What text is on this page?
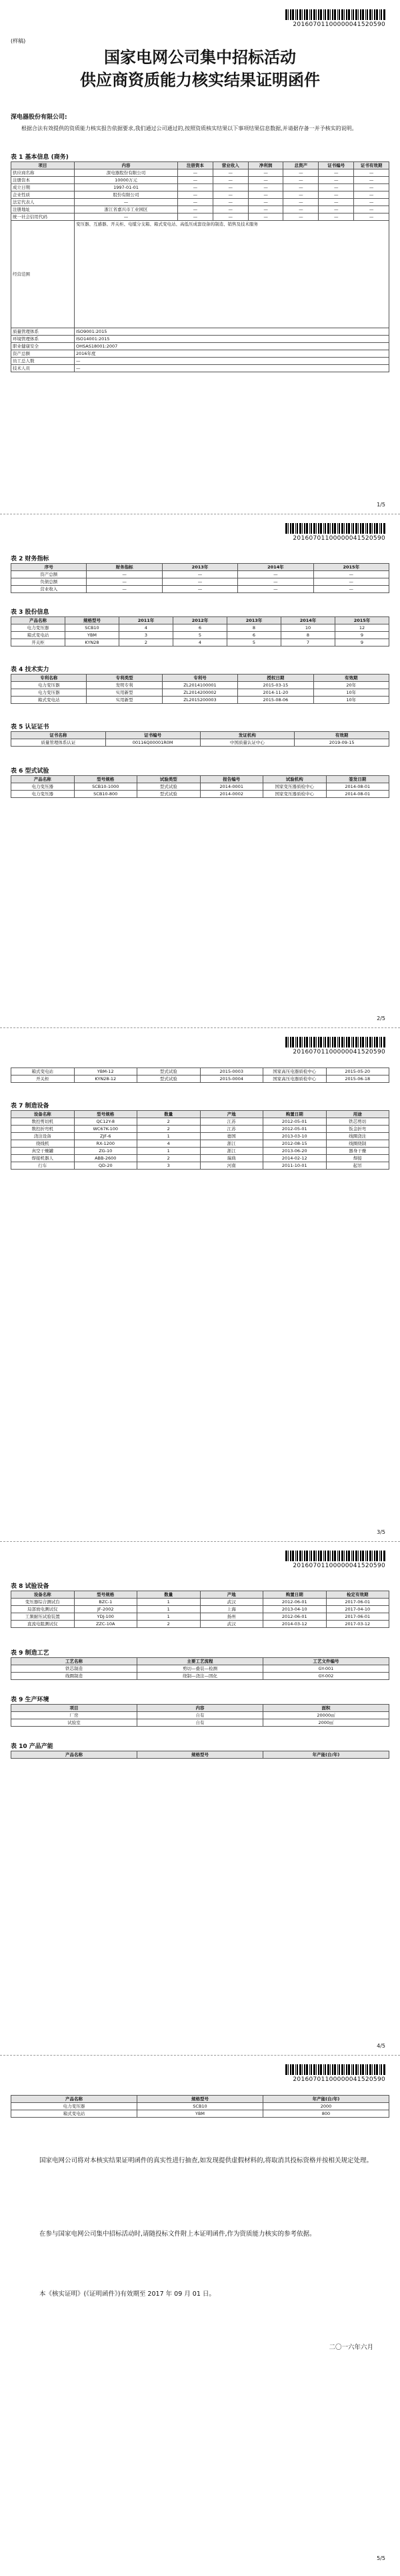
20160701100000041520590
(样稿)
国家电网公司集中招标活动
供应商资质能力核实结果证明函件
深电器股份有限公司:
根据合法有效提供的资质能力核实报告依据要求,我们通过公司通过的,按照资质核实结果以下事项结果信息数据,并请据存备一并予核实的说明。
表 1 基本信息 (商务)
项目	内容	注册资本	营业收入	净利润	总资产	证书编号	证书有效期
供应商名称	深电器股份有限公司	—	—	—	—	—	—
注册资本	10000万元	—	—	—	—	—	—
成立日期	1997-01-01	—	—	—	—	—	—
企业性质	股份有限公司	—	—	—	—	—	—
法定代表人	—	—	—	—	—	—	—
注册地址	浙江省嘉兴市工业园区	—	—	—	—	—	—
统一社会信用代码	—	—	—	—	—	—	—
经营范围	变压器、互感器、开关柜、电缆分支箱、箱式变电站、高低压成套设备的制造、销售及技术服务						
质量管理体系	ISO9001:2015						
环境管理体系	ISO14001:2015						
职业健康安全	OHSAS18001:2007						
资产总额	2016年度						
员工总人数	—						
技术人员	—						
1/5
20160701100000041520590
表 2 财务指标
序号	财务指标	2013年	2014年	2015年
资产总额	—	—	—	—
负债总额	—	—	—	—
营业收入	—	—	—	—
表 3 股份信息
产品名称	规格型号	2011年	2012年	2013年	2014年	2015年
电力变压器	SCB10	4	6	8	10	12
箱式变电站	YBM	3	5	6	8	9
开关柜	KYN28	2	4	5	7	9
表 4 技术实力
专利名称	专利类型	专利号	授权日期	有效期
电力变压器	发明专利	ZL2014100001	2015-03-15	20年
电力变压器	实用新型	ZL2014200002	2014-11-20	10年
箱式变电站	实用新型	ZL2015200003	2015-08-06	10年
表 5 认证证书
证书名称	证书编号	发证机构	有效期
质量管理体系认证	00116Q00001R0M	中国质量认证中心	2019-09-15
表 6 型式试验
产品名称	型号规格	试验类型	报告编号	试验机构	签发日期
电力变压器	SCB10-1000	型式试验	2014-0001	国家变压器质检中心	2014-08-01
电力变压器	SCB10-800	型式试验	2014-0002	国家变压器质检中心	2014-08-01
2/5
20160701100000041520590
箱式变电站	YBM-12	型式试验	2015-0003	国家高压电器质检中心	2015-05-20
开关柜	KYN28-12	型式试验	2015-0004	国家高压电器质检中心	2015-06-18
表 7 制造设备
设备名称	型号规格	数量	产地	购置日期	用途
数控剪切机	QC12Y-8	2	江苏	2012-05-01	铁芯剪切
数控折弯机	WC67K-100	2	江苏	2012-05-01	钣金折弯
浇注设备	ZJF-6	1	德国	2013-03-10	线圈浇注
绕线机	RX-1200	4	浙江	2012-08-15	线圈绕制
真空干燥罐	ZG-10	1	浙江	2013-06-20	器身干燥
焊接机器人	ABB-2600	2	瑞典	2014-02-12	焊接
行车	QD-20	3	河南	2011-10-01	起吊
3/5
20160701100000041520590
表 8 试验设备
设备名称	型号规格	数量	产地	购置日期	检定有效期
变压器综合测试台	BZC-1	1	武汉	2012-06-01	2017-06-01
局部放电测试仪	JF-2002	1	上海	2013-04-10	2017-04-10
工频耐压试验装置	YDJ-100	1	扬州	2012-06-01	2017-06-01
直流电阻测试仪	ZZC-10A	2	武汉	2014-03-12	2017-03-12
表 9 制造工艺
工艺名称	主要工艺流程	工艺文件编号
铁芯制造	剪切—叠装—检测	GY-001
线圈制造	绕制—浇注—固化	GY-002
表 9 生产环境
项目	内容	面积
厂房	自有	20000㎡
试验室	自有	2000㎡
表 10 产品产能
产品名称	规格型号	年产能(台/年)
4/5
20160701100000041520590
产品名称	规格型号	年产能(台/年)
电力变压器	SCB10	2000
箱式变电站	YBM	800
国家电网公司将对本核实结果证明函件的真实性进行抽查,如发现提供虚假材料的,将取消其投标资格并按相关规定处理。
在参与国家电网公司集中招标活动时,请随投标文件附上本证明函件,作为资质能力核实的参考依据。
本《核实证明》(《证明函件》)有效期至 2017 年 09 月 01 日。
二〇一六年六月
5/5
